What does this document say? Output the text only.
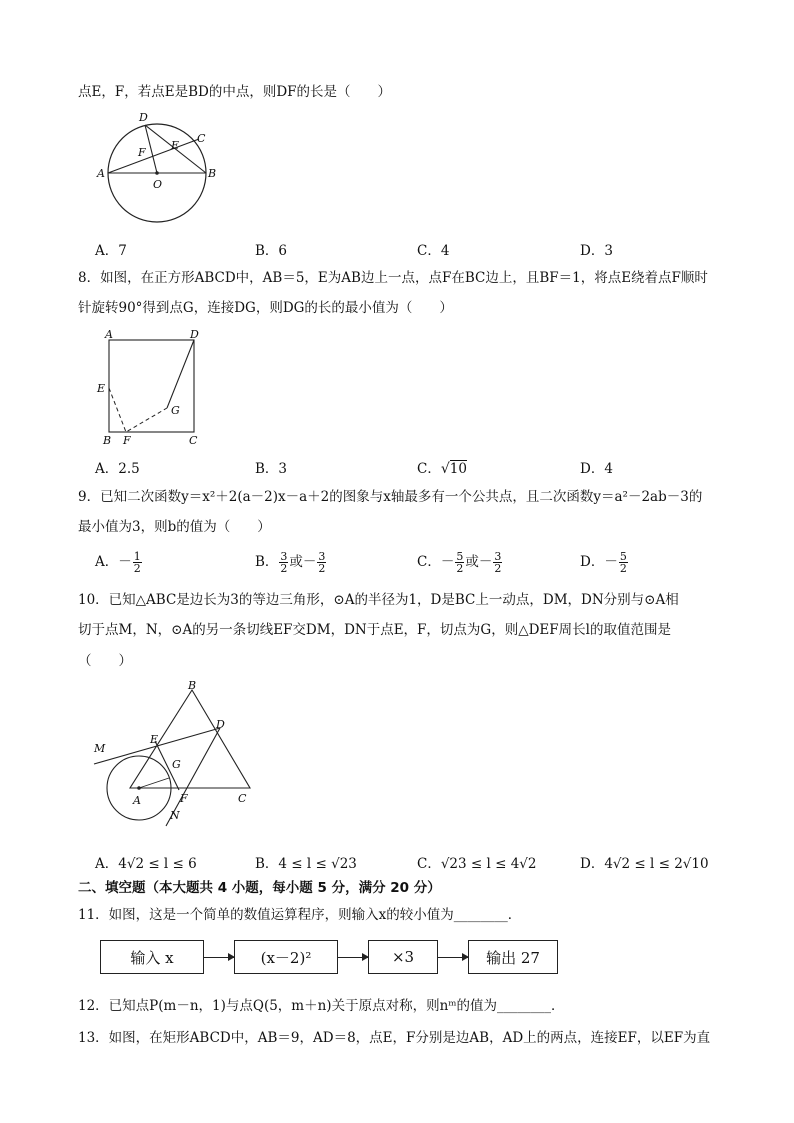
点E，F，若点E是BD的中点，则DF的长是（　　）
D
C
E
F
A
O
B
A．7	B．6	C．4	D．3
8．如图，在正方形ABCD中，AB＝5，E为AB边上一点，点F在BC边上，且BF＝1，将点E绕着点F顺时
针旋转90°得到点G，连接DG，则DG的长的最小值为（　　）
A	D
E
G
B F	C
A．2.5	B．3	C．√10	D．4
9．已知二次函数y＝x²＋2(a－2)x－a＋2的图象与x轴最多有一个公共点，且二次函数y＝a²－2ab－3的
最小值为3，则b的值为（　　）
A．－ $\frac{1}{2}$	B． $\frac{3}{2}$ 或－ $\frac{3}{2}$	C．－ $\frac{5}{2}$ 或－ $\frac{3}{2}$	D．－ $\frac{5}{2}$
10．已知△ABC是边长为3的等边三角形，⊙A的半径为1，D是BC上一动点，DM，DN分别与⊙A相
切于点M，N，⊙A的另一条切线EF交DM，DN于点E，F，切点为G，则△DEF周长l的取值范围是
（　　）
B
D
M
E
G
A	F	C
N
A．4√2 ≤ l ≤ 6	B．4 ≤ l ≤ √23	C．√23 ≤ l ≤ 4√2	D．4√2 ≤ l ≤ 2√10
二、填空题（本大题共 4 小题，每小题 5 分，满分 20 分）
11．如图，这是一个简单的数值运算程序，则输入x的较小值为________．
输入 x	(x－2)²	×3	输出 27
12．已知点P(m－n，1)与点Q(5，m＋n)关于原点对称，则nᵐ的值为________．
13．如图，在矩形ABCD中，AB＝9，AD＝8，点E，F分别是边AB，AD上的两点，连接EF，以EF为直
